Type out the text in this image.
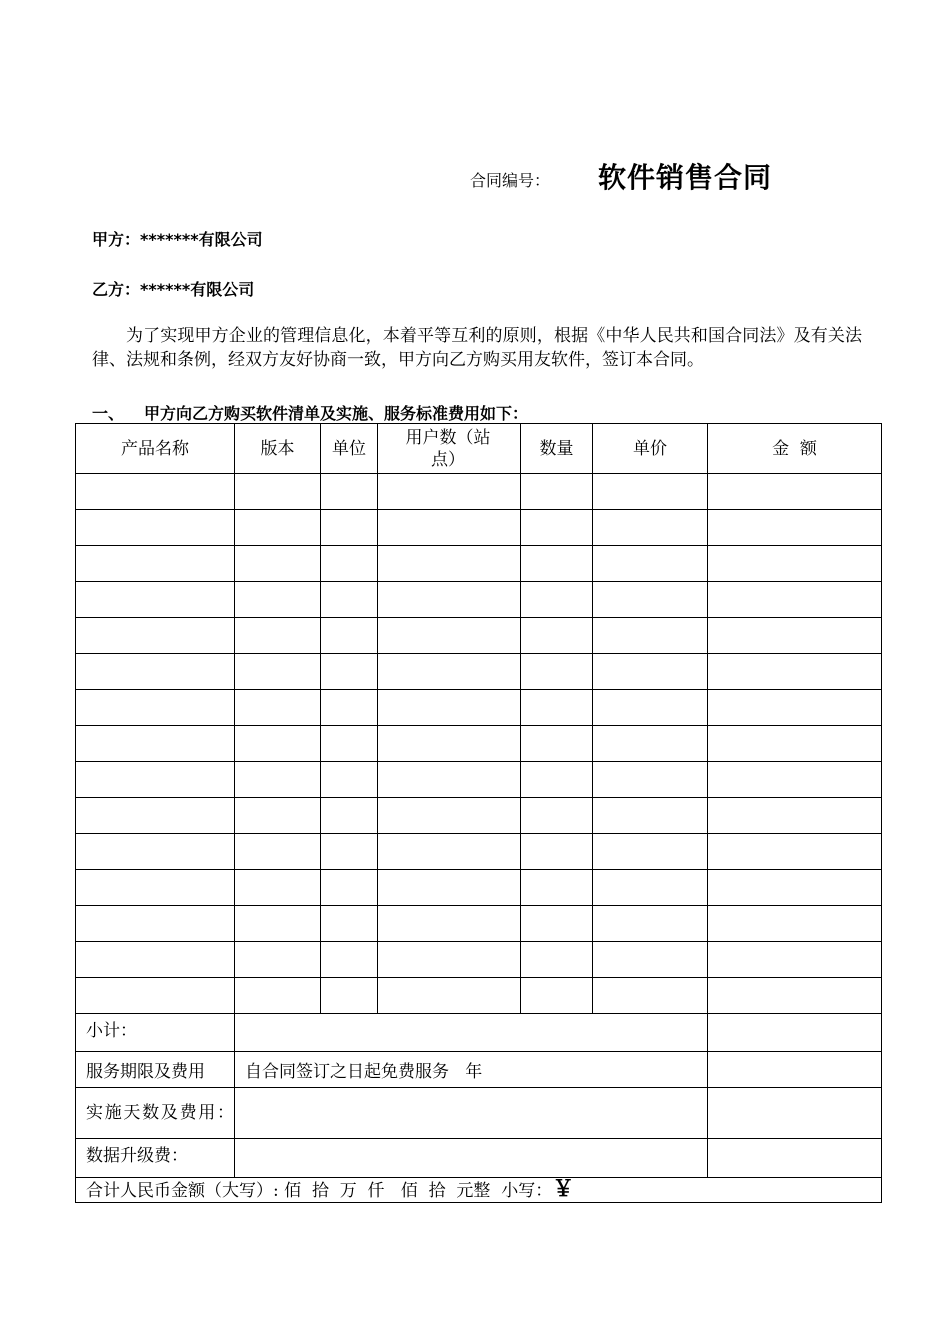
合同编号： 软件销售合同
甲方：*******有限公司
乙方：******有限公司
为了实现甲方企业的管理信息化，本着平等互利的原则，根据《中华人民共和国合同法》及有关法律、法规和条例，经双方友好协商一致，甲方向乙方购买用友软件，签订本合同。
一、 甲方向乙方购买软件清单及实施、服务标准费用如下：
产品名称	版本	单位	用户数（站点）	数量	单价	金  额

小计：						
服务期限及费用	自合同签订之日起免费服务   年					
实施天数及费用：						
数据升级费：						
合计人民币金额（大写）: 佰  拾  万  仟   佰  拾  元整  小写：￥						
